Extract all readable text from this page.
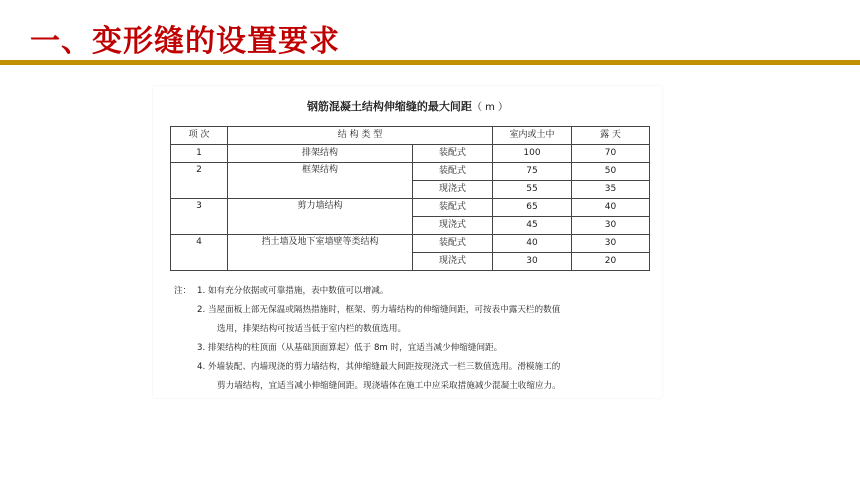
一、变形缝的设置要求
钢筋混凝土结构伸缩缝的最大间距（ m ）
项 次	结 构 类 型		室内或土中	露 天
1	排架结构	装配式	100	70
2	框架结构	装配式	75	50
		现浇式	55	35
3	剪力墙结构	装配式	65	40
		现浇式	45	30
4	挡土墙及地下室墙壁等类结构	装配式	40	30
		现浇式	30	20
注： 1. 如有充分依据或可靠措施，表中数值可以增减。
2. 当屋面板上部无保温或隔热措施时，框架、剪力墙结构的伸缩缝间距，可按表中露天栏的数值
选用，排架结构可按适当低于室内栏的数值选用。
3. 排架结构的柱顶面（从基础顶面算起）低于 8m 时，宜适当减少伸缩缝间距。
4. 外墙装配、内墙现浇的剪力墙结构，其伸缩缝最大间距按现浇式一栏三数值选用。滑模施工的
剪力墙结构，宜适当减小伸缩缝间距。现浇墙体在施工中应采取措施减少混凝土收缩应力。
